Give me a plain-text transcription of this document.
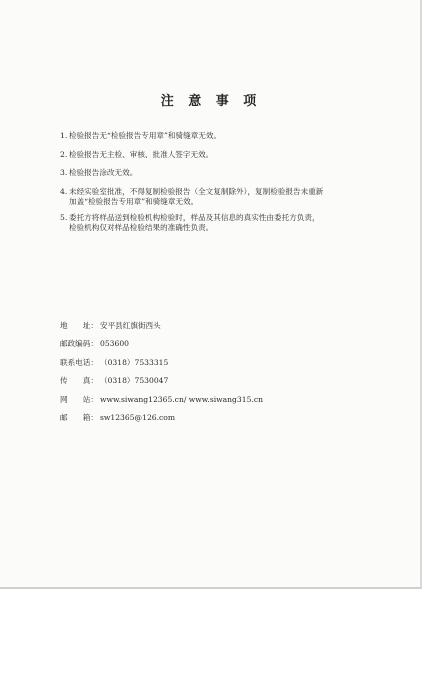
注 意 事 项
1. 检验报告无“检验报告专用章”和骑缝章无效。
2. 检验报告无主检、审核、批准人签字无效。
3. 检验报告涂改无效。
4. 未经实验室批准，不得复制检验报告（全文复制除外），复制检验报告未重新
加盖“检验报告专用章”和骑缝章无效。
5. 委托方将样品送到检验机构检验时，样品及其信息的真实性由委托方负责，
检验机构仅对样品检验结果的准确性负责。
地　　址： 安平县红旗街西头
邮政编码： 053600
联系电话： （0318）7533315
传　　真： （0318）7530047
网　　站： www.siwang12365.cn/ www.siwang315.cn
邮　　箱： sw12365@126.com
